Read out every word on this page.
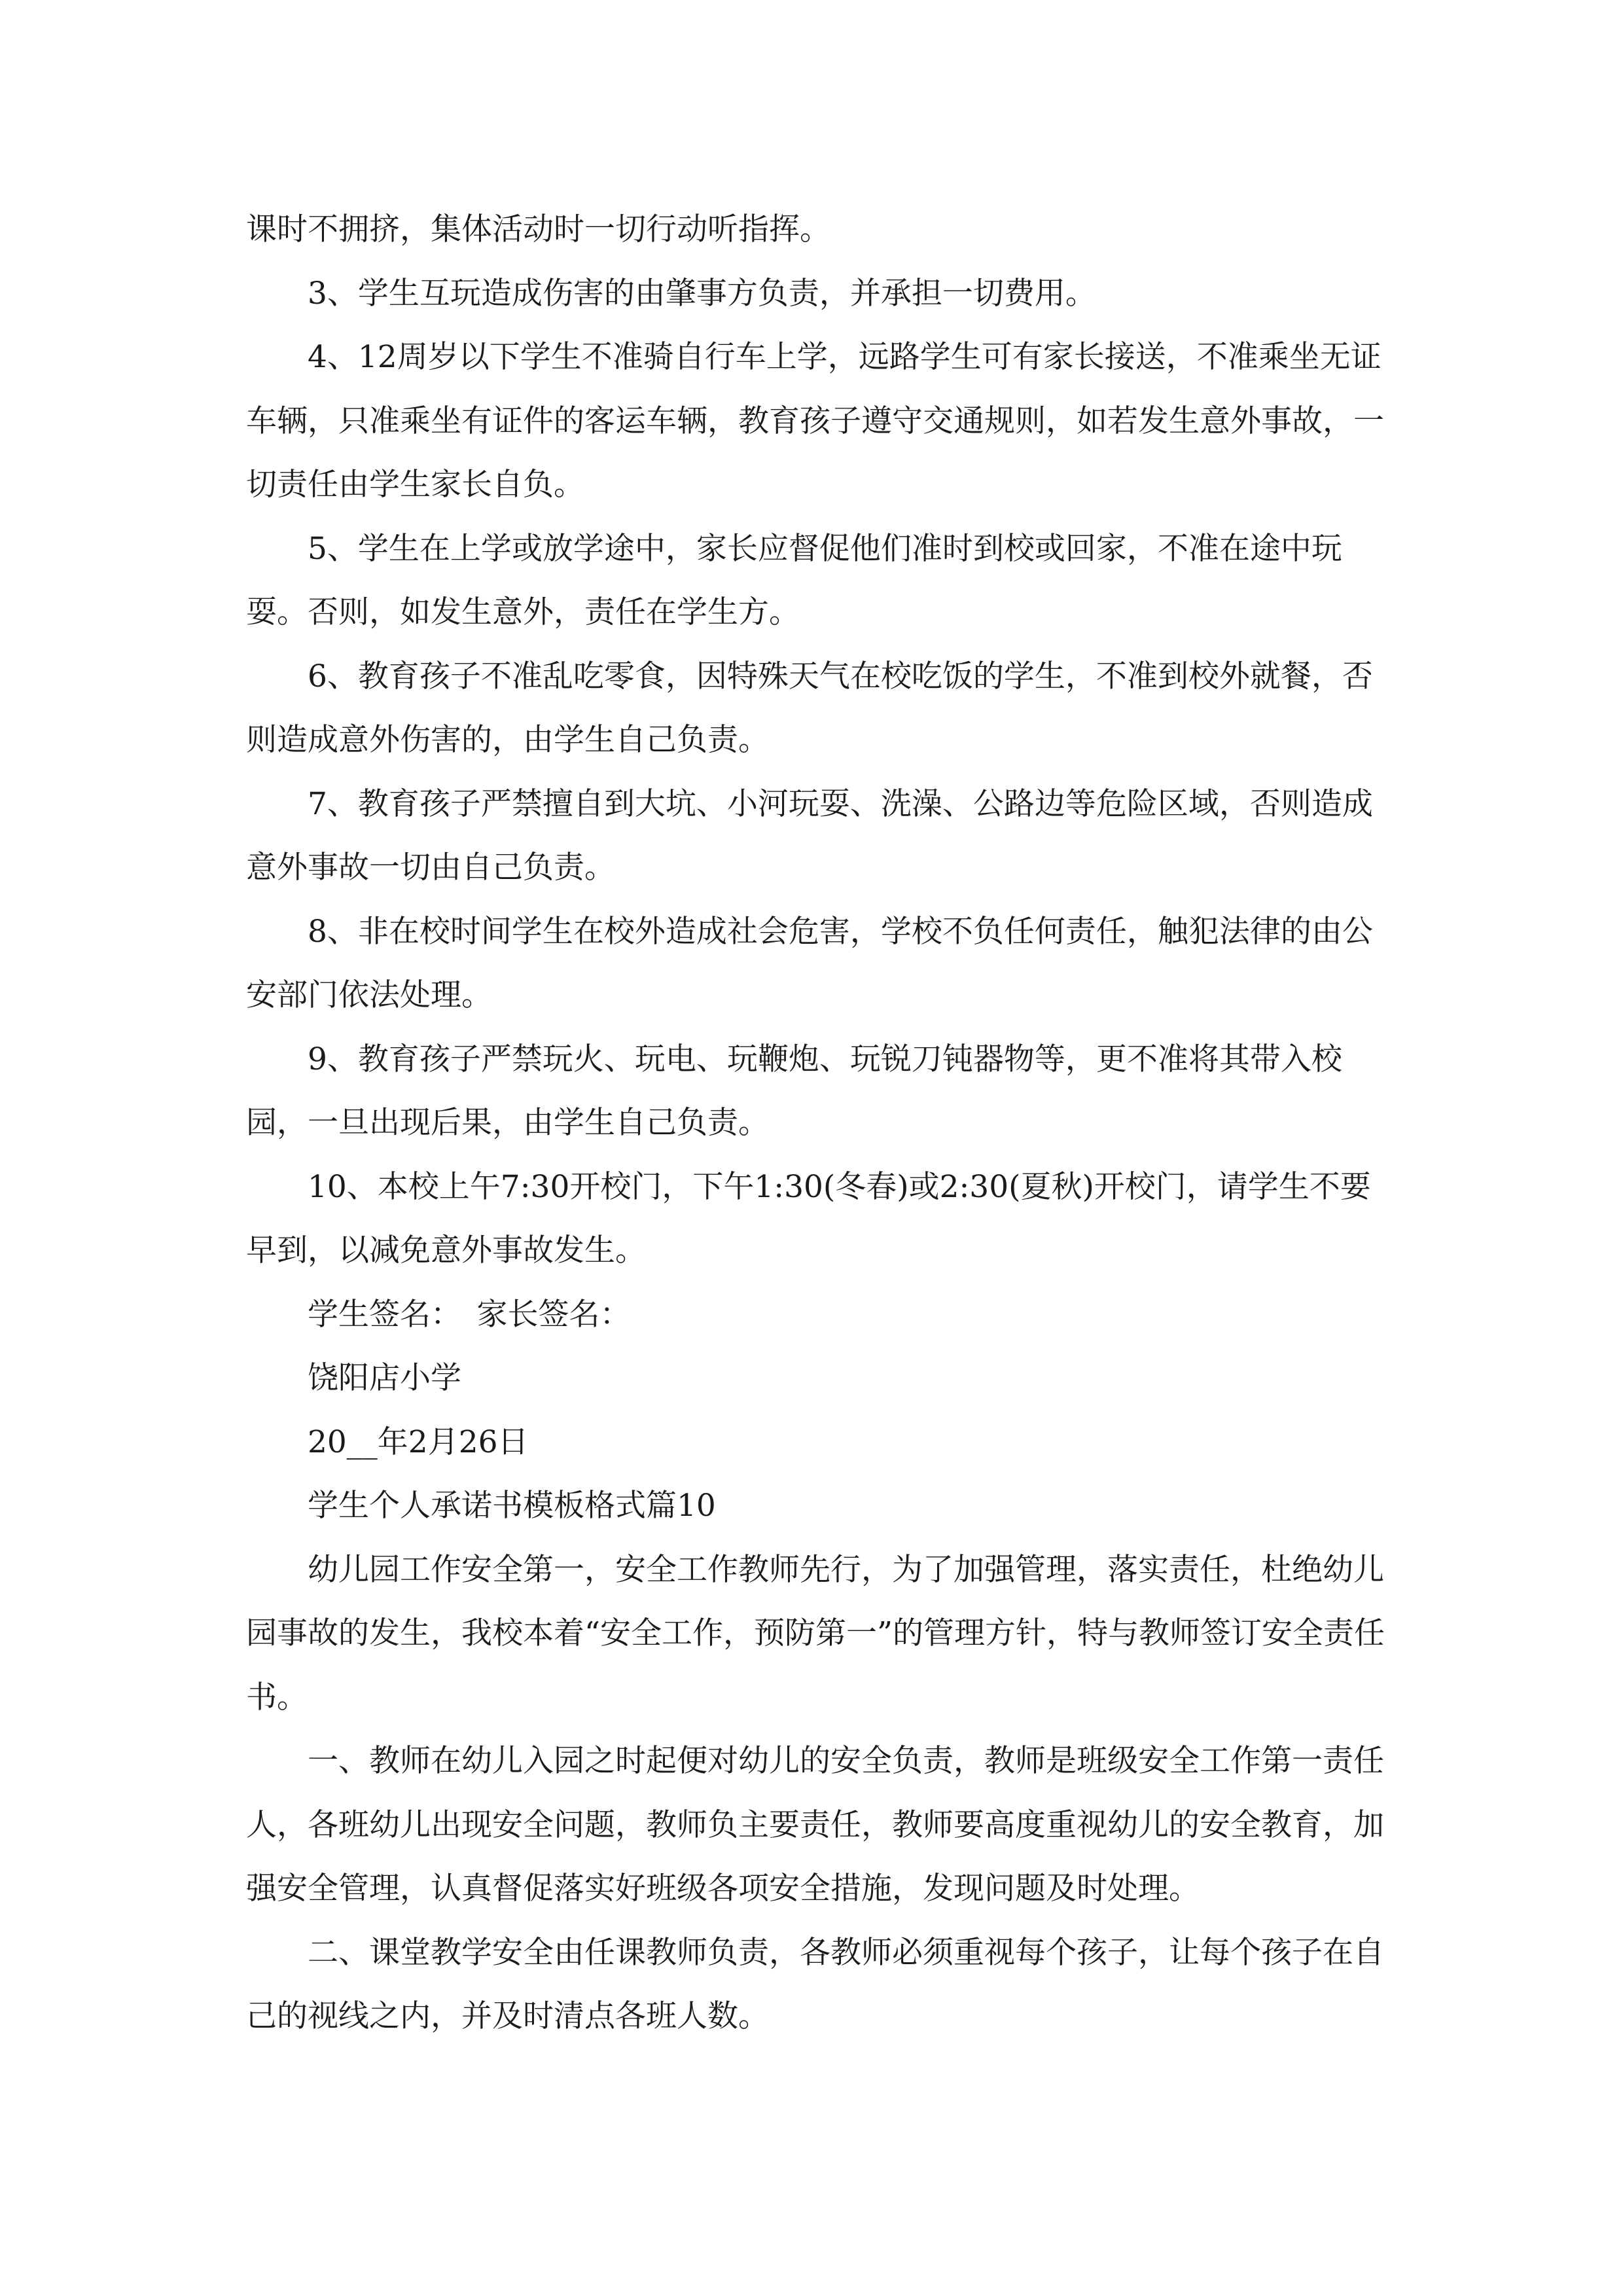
课时不拥挤，集体活动时一切行动听指挥。

3、学生互玩造成伤害的由肇事方负责，并承担一切费用。

4、12周岁以下学生不准骑自行车上学，远路学生可有家长接送，不准乘坐无证车辆，只准乘坐有证件的客运车辆，教育孩子遵守交通规则，如若发生意外事故，一切责任由学生家长自负。

5、学生在上学或放学途中，家长应督促他们准时到校或回家，不准在途中玩耍。否则，如发生意外，责任在学生方。

6、教育孩子不准乱吃零食，因特殊天气在校吃饭的学生，不准到校外就餐，否则造成意外伤害的，由学生自己负责。

7、教育孩子严禁擅自到大坑、小河玩耍、洗澡、公路边等危险区域，否则造成意外事故一切由自己负责。

8、非在校时间学生在校外造成社会危害，学校不负任何责任，触犯法律的由公安部门依法处理。

9、教育孩子严禁玩火、玩电、玩鞭炮、玩锐刀钝器物等，更不准将其带入校园，一旦出现后果，由学生自己负责。

10、本校上午7:30开校门，下午1:30(冬春)或2:30(夏秋)开校门，请学生不要早到，以减免意外事故发生。

学生签名：　家长签名：

饶阳店小学

20__年2月26日

学生个人承诺书模板格式篇10

幼儿园工作安全第一，安全工作教师先行，为了加强管理，落实责任，杜绝幼儿园事故的发生，我校本着“安全工作，预防第一”的管理方针，特与教师签订安全责任书。

一、教师在幼儿入园之时起便对幼儿的安全负责，教师是班级安全工作第一责任人，各班幼儿出现安全问题，教师负主要责任，教师要高度重视幼儿的安全教育，加强安全管理，认真督促落实好班级各项安全措施，发现问题及时处理。

二、课堂教学安全由任课教师负责，各教师必须重视每个孩子，让每个孩子在自己的视线之内，并及时清点各班人数。
